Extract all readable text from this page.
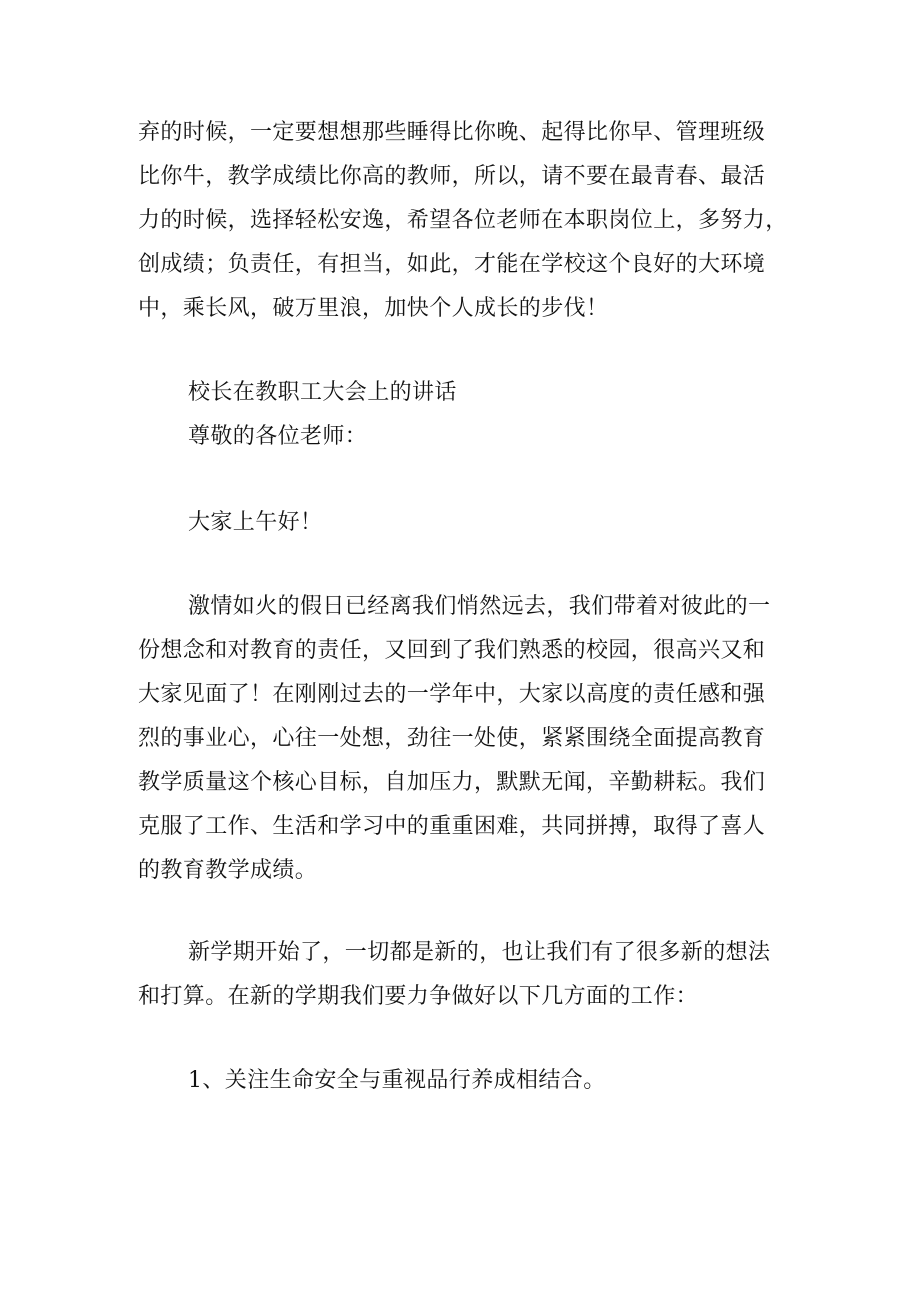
弃的时候，一定要想想那些睡得比你晚、起得比你早、管理班级
比你牛，教学成绩比你高的教师，所以，请不要在最青春、最活
力的时候，选择轻松安逸，希望各位老师在本职岗位上，多努力，
创成绩；负责任，有担当，如此，才能在学校这个良好的大环境
中，乘长风，破万里浪，加快个人成长的步伐！
校长在教职工大会上的讲话
尊敬的各位老师：
大家上午好！
激情如火的假日已经离我们悄然远去，我们带着对彼此的一
份想念和对教育的责任，又回到了我们熟悉的校园，很高兴又和
大家见面了！在刚刚过去的一学年中，大家以高度的责任感和强
烈的事业心，心往一处想，劲往一处使，紧紧围绕全面提高教育
教学质量这个核心目标，自加压力，默默无闻，辛勤耕耘。我们
克服了工作、生活和学习中的重重困难，共同拼搏，取得了喜人
的教育教学成绩。
新学期开始了，一切都是新的，也让我们有了很多新的想法
和打算。在新的学期我们要力争做好以下几方面的工作：
1、关注生命安全与重视品行养成相结合。
